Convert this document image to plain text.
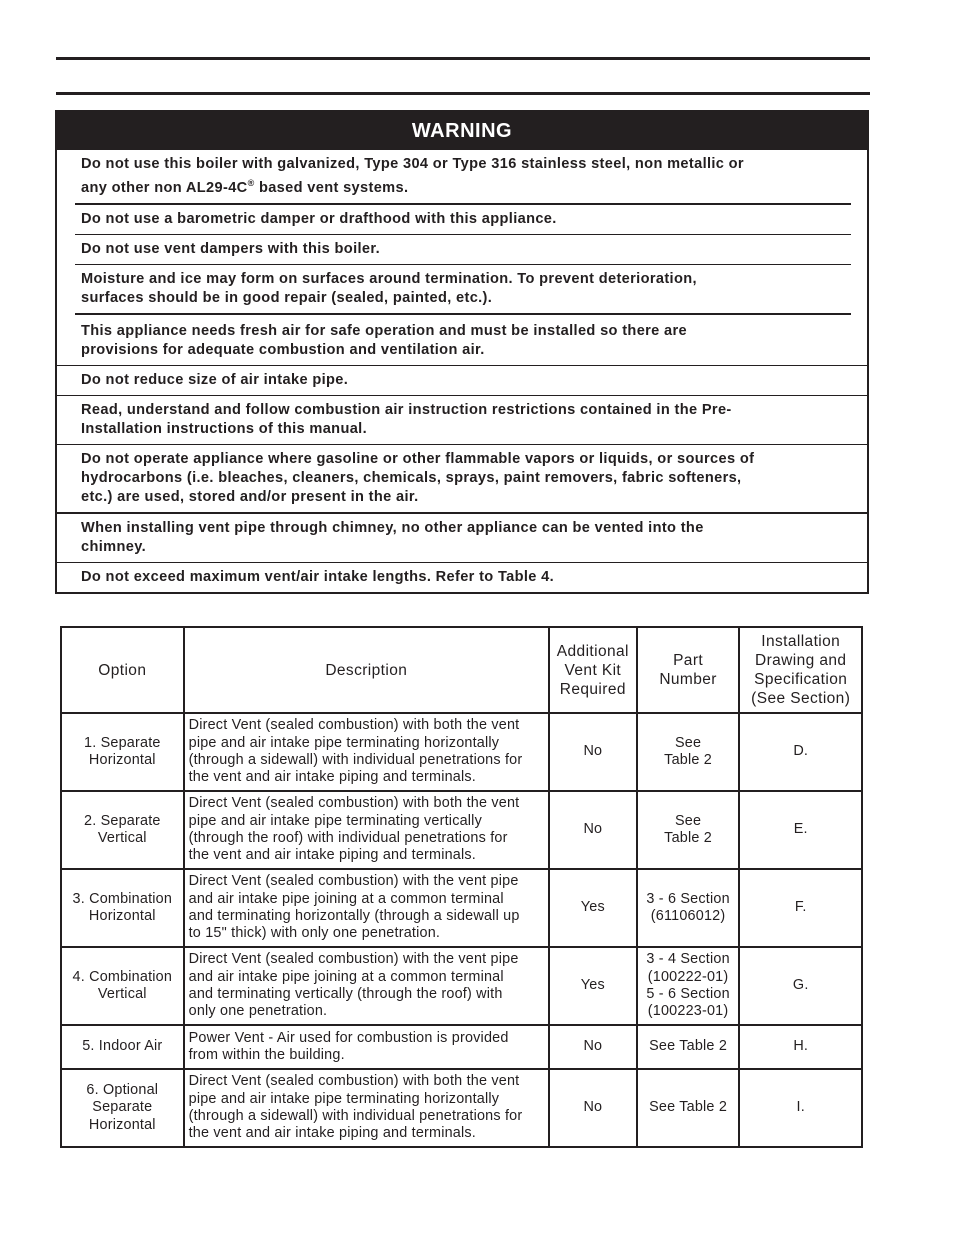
WARNING
Do not use this boiler with galvanized, Type 304 or Type 316 stainless steel, non metallic or
any other non AL29-4C® based vent systems.
Do not use a barometric damper or drafthood with this appliance.
Do not use vent dampers with this boiler.
Moisture and ice may form on surfaces around termination. To prevent deterioration,
surfaces should be in good repair (sealed, painted, etc.).
This appliance needs fresh air for safe operation and must be installed so there are
provisions for adequate combustion and ventilation air.
Do not reduce size of air intake pipe.
Read, understand and follow combustion air instruction restrictions contained in the Pre-
Installation instructions of this manual.
Do not operate appliance where gasoline or other flammable vapors or liquids, or sources of
hydrocarbons (i.e. bleaches, cleaners, chemicals, sprays, paint removers, fabric softeners,
etc.) are used, stored and/or present in the air.
When installing vent pipe through chimney, no other appliance can be vented into the
chimney.
Do not exceed maximum vent/air intake lengths. Refer to Table 4.
Option	Description	Additional
Vent Kit
Required	Part
Number	Installation
Drawing and
Specification
(See Section)

1. Separate
Horizontal	Direct Vent (sealed combustion) with both the vent
pipe and air intake pipe terminating horizontally
(through a sidewall) with individual penetrations for
the vent and air intake piping and terminals.	No	See
Table 2	D.

2. Separate
Vertical	Direct Vent (sealed combustion) with both the vent
pipe and air intake pipe terminating vertically
(through the roof) with individual penetrations for
the vent and air intake piping and terminals.	No	See
Table 2	E.

3. Combination
Horizontal	Direct Vent (sealed combustion) with the vent pipe
and air intake pipe joining at a common terminal
and terminating horizontally (through a sidewall up
to 15" thick) with only one penetration.	Yes	3 - 6 Section
(61106012)	F.

4. Combination
Vertical	Direct Vent (sealed combustion) with the vent pipe
and air intake pipe joining at a common terminal
and terminating vertically (through the roof) with
only one penetration.	Yes	3 - 4 Section
(100222-01)
5 - 6 Section
(100223-01)	G.

5. Indoor Air	Power Vent - Air used for combustion is provided
from within the building.	No	See Table 2	H.

6. Optional
Separate
Horizontal	Direct Vent (sealed combustion) with both the vent
pipe and air intake pipe terminating horizontally
(through a sidewall) with individual penetrations for
the vent and air intake piping and terminals.	No	See Table 2	I.
